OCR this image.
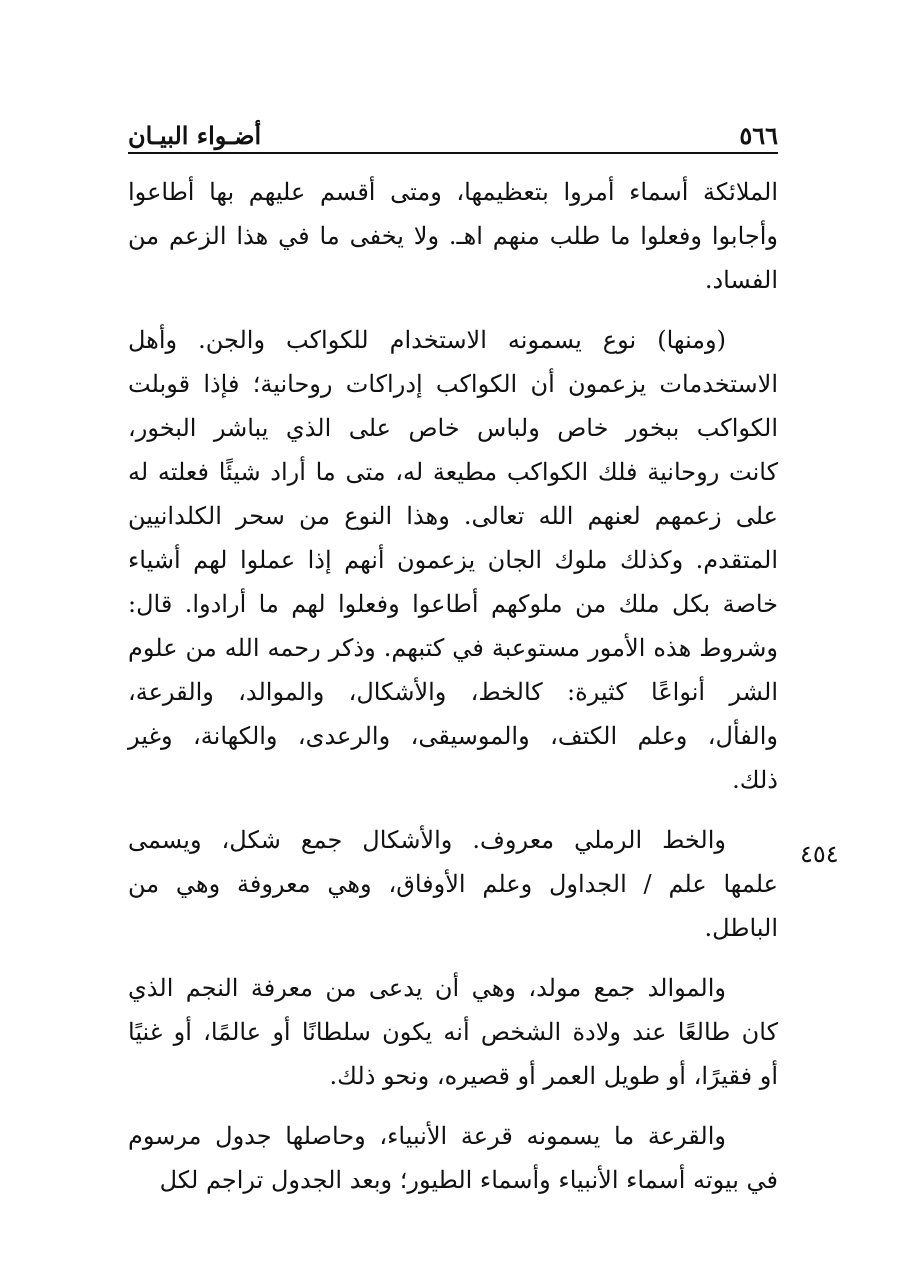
أضـواء البيـان	٥٦٦
الملائكة أسماء أمروا بتعظيمها، ومتى أقسم عليهم بها أطاعوا
وأجابوا وفعلوا ما طلب منهم اهـ. ولا يخفى ما في هذا الزعم من
الفساد.
(ومنها) نوع يسمونه الاستخدام للكواكب والجن. وأهل
الاستخدمات يزعمون أن الكواكب إدراكات روحانية؛ فإذا قوبلت
الكواكب ببخور خاص ولباس خاص على الذي يباشر البخور،
كانت روحانية فلك الكواكب مطيعة له، متى ما أراد شيئًا فعلته له
على زعمهم لعنهم الله تعالى. وهذا النوع من سحر الكلدانيين
المتقدم. وكذلك ملوك الجان يزعمون أنهم إذا عملوا لهم أشياء
خاصة بكل ملك من ملوكهم أطاعوا وفعلوا لهم ما أرادوا. قال:
وشروط هذه الأمور مستوعبة في كتبهم. وذكر رحمه الله من علوم
الشر أنواعًا كثيرة: كالخط، والأشكال، والموالد، والقرعة،
والفأل، وعلم الكتف، والموسيقى، والرعدى، والكهانة، وغير
ذلك.
والخط الرملي معروف. والأشكال جمع شكل، ويسمى
علمها علم / الجداول وعلم الأوفاق، وهي معروفة وهي من
الباطل.
والموالد جمع مولد، وهي أن يدعى من معرفة النجم الذي
كان طالعًا عند ولادة الشخص أنه يكون سلطانًا أو عالمًا، أو غنيًا
أو فقيرًا، أو طويل العمر أو قصيره، ونحو ذلك.
والقرعة ما يسمونه قرعة الأنبياء، وحاصلها جدول مرسوم
في بيوته أسماء الأنبياء وأسماء الطيور؛ وبعد الجدول تراجم لكل
٤٥٤
